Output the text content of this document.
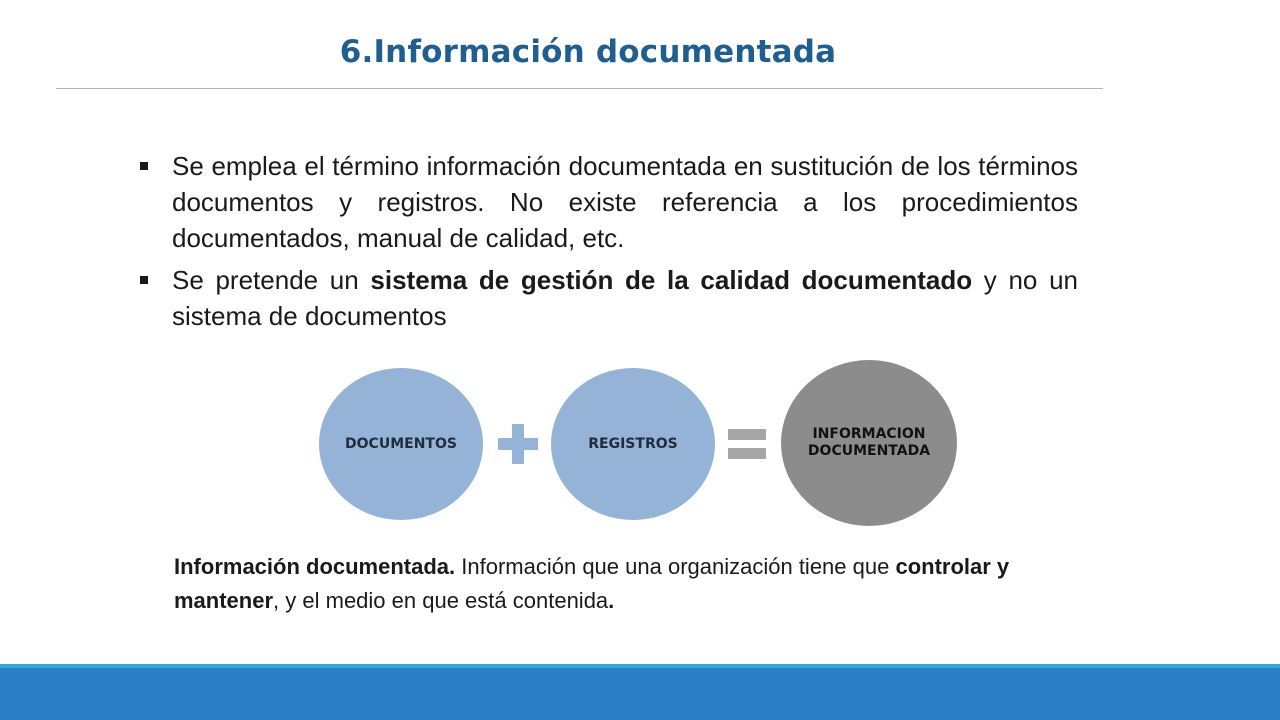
6.Información documentada
Se emplea el término información documentada en sustitución de los términos documentos y registros. No existe referencia a los procedimientos documentados, manual de calidad, etc.
Se pretende un sistema de gestión de la calidad documentado y no un sistema de documentos
DOCUMENTOS	REGISTROS
INFORMACION
DOCUMENTADA
Información documentada. Información que una organización tiene que controlar y mantener, y el medio en que está contenida.
